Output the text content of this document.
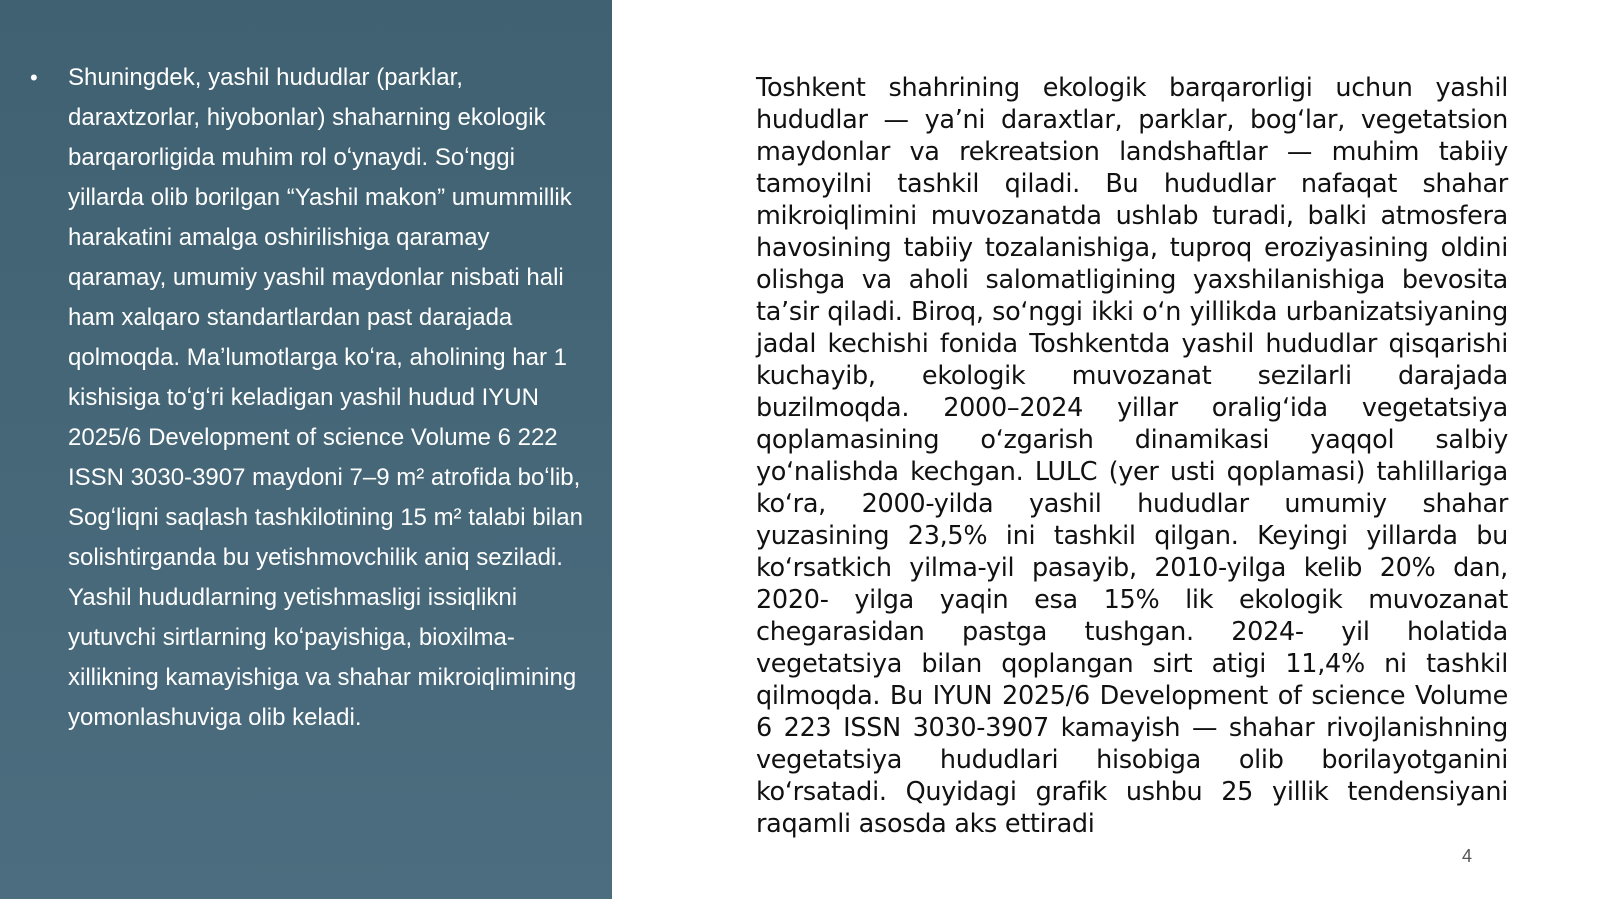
•	Shuningdek, yashil hududlar (parklar, daraxtzorlar, hiyobonlar) shaharning ekologik barqarorligida muhim rol oʻynaydi. Soʻnggi yillarda olib borilgan “Yashil makon” umummillik harakatini amalga oshirilishiga qaramay qaramay, umumiy yashil maydonlar nisbati hali ham xalqaro standartlardan past darajada qolmoqda. Maʼlumotlarga koʻra, aholining har 1 kishisiga toʻgʻri keladigan yashil hudud IYUN 2025/6 Development of science Volume 6 222 ISSN 3030-3907 maydoni 7–9 m² atrofida boʻlib, Sogʻliqni saqlash tashkilotining 15 m² talabi bilan solishtirganda bu yetishmovchilik aniq seziladi. Yashil hududlarning yetishmasligi issiqlikni yutuvchi sirtlarning koʻpayishiga, bioxilma-xillikning kamayishiga va shahar mikroiqlimining yomonlashuviga olib keladi.
Toshkent shahrining ekologik barqarorligi uchun yashil hududlar — yaʼni daraxtlar, parklar, bogʻlar, vegetatsion maydonlar va rekreatsion landshaftlar — muhim tabiiy tamoyilni tashkil qiladi. Bu hududlar nafaqat shahar mikroiqlimini muvozanatda ushlab turadi, balki atmosfera havosining tabiiy tozalanishiga, tuproq eroziyasining oldini olishga va aholi salomatligining yaxshilanishiga bevosita taʼsir qiladi. Biroq, soʻnggi ikki oʻn yillikda urbanizatsiyaning jadal kechishi fonida Toshkentda yashil hududlar qisqarishi kuchayib, ekologik muvozanat sezilarli darajada buzilmoqda. 2000–2024 yillar oraligʻida vegetatsiya qoplamasining oʻzgarish dinamikasi yaqqol salbiy yoʻnalishda kechgan. LULC (yer usti qoplamasi) tahlillariga koʻra, 2000-yilda yashil hududlar umumiy shahar yuzasining 23,5% ini tashkil qilgan. Keyingi yillarda bu koʻrsatkich yilma-yil pasayib, 2010-yilga kelib 20% dan, 2020- yilga yaqin esa 15% lik ekologik muvozanat chegarasidan pastga tushgan. 2024- yil holatida vegetatsiya bilan qoplangan sirt atigi 11,4% ni tashkil qilmoqda. Bu IYUN 2025/6 Development of science Volume 6 223 ISSN 3030-3907 kamayish — shahar rivojlanishning vegetatsiya hududlari hisobiga olib borilayotganini koʻrsatadi. Quyidagi grafik ushbu 25 yillik tendensiyani raqamli asosda aks ettiradi
4
